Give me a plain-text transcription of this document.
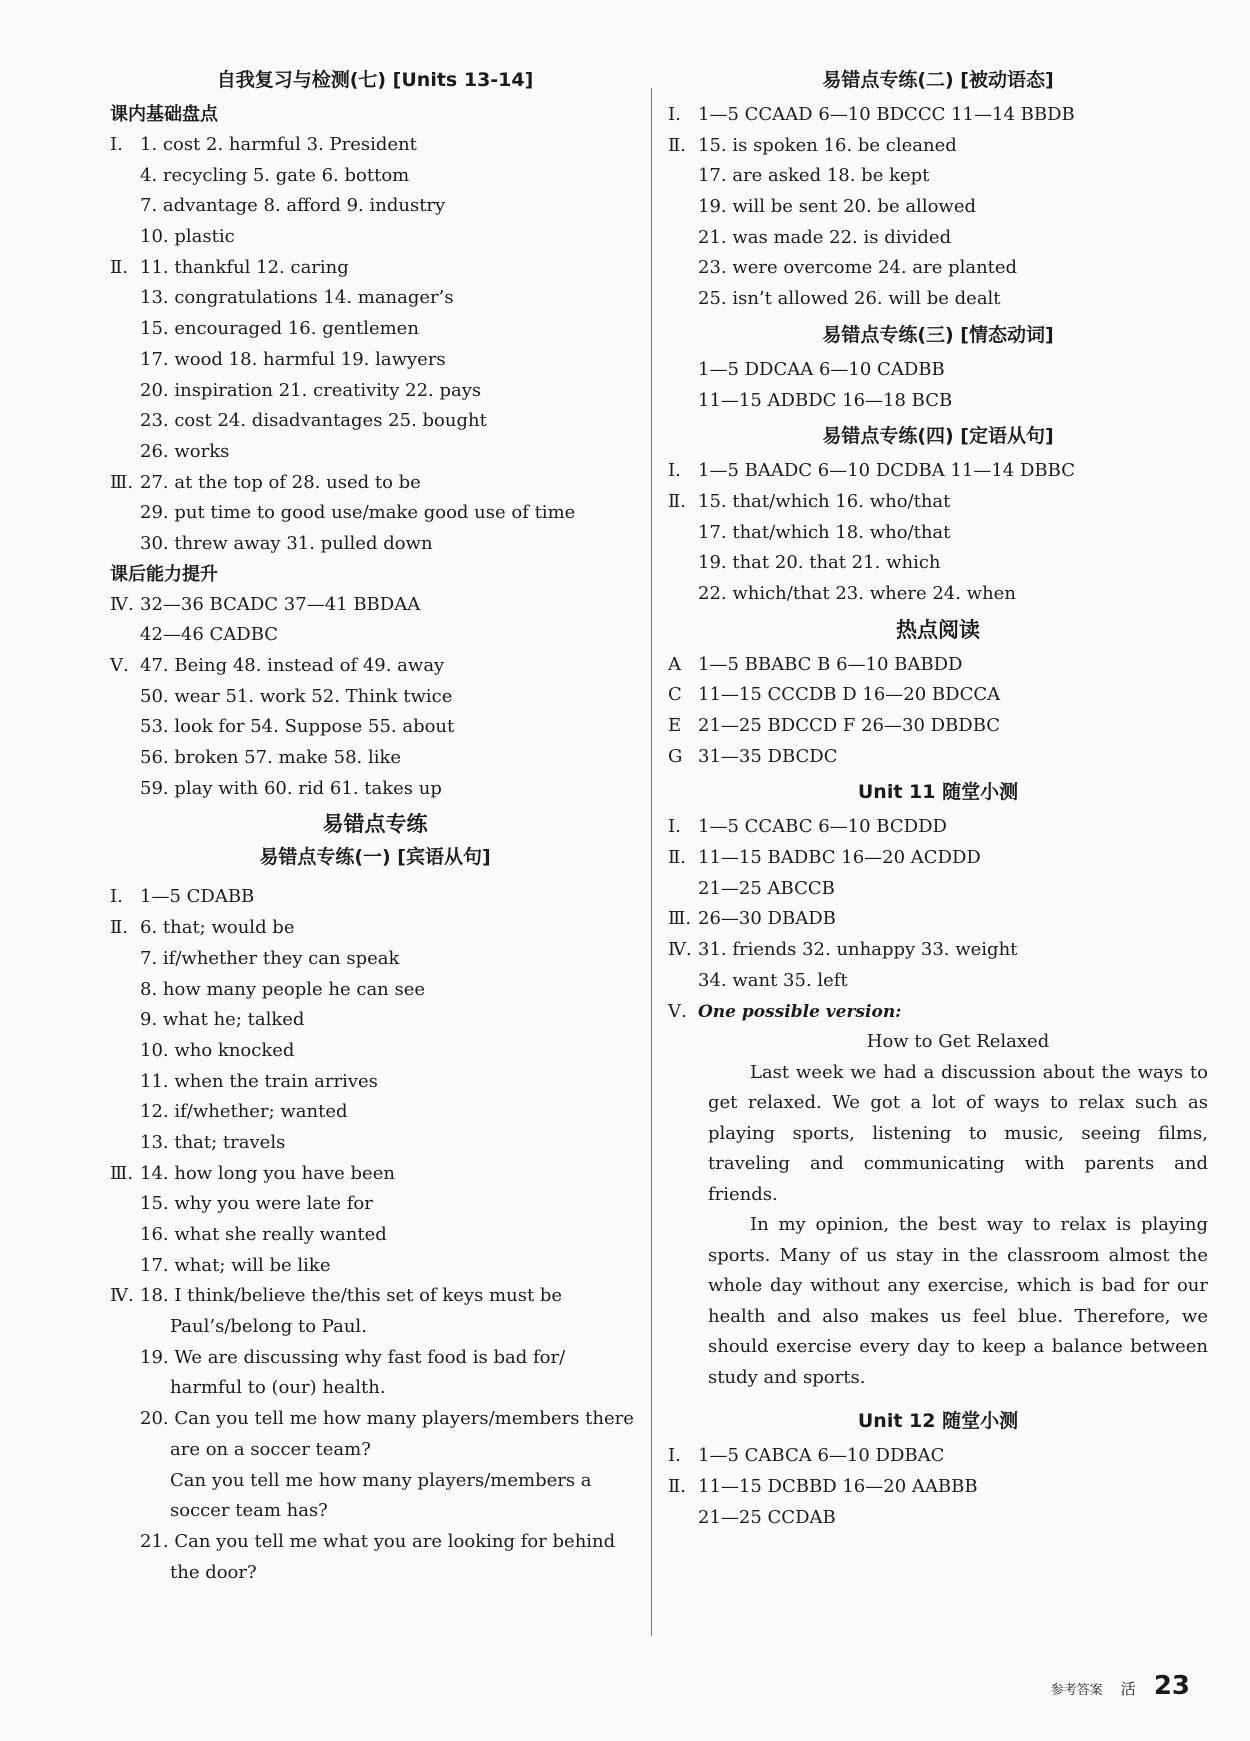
自我复习与检测(七) [Units 13-14]
课内基础盘点
Ⅰ. 1. cost 2. harmful 3. President
4. recycling 5. gate 6. bottom
7. advantage 8. afford 9. industry
10. plastic
Ⅱ. 11. thankful 12. caring
13. congratulations 14. manager’s
15. encouraged 16. gentlemen
17. wood 18. harmful 19. lawyers
20. inspiration 21. creativity 22. pays
23. cost 24. disadvantages 25. bought
26. works
Ⅲ. 27. at the top of 28. used to be
29. put time to good use/make good use of time
30. threw away 31. pulled down
课后能力提升
Ⅳ. 32—36 BCADC 37—41 BBDAA
42—46 CADBC
Ⅴ. 47. Being 48. instead of 49. away
50. wear 51. work 52. Think twice
53. look for 54. Suppose 55. about
56. broken 57. make 58. like
59. play with 60. rid 61. takes up
易错点专练
易错点专练(一) [宾语从句]
Ⅰ. 1—5 CDABB
Ⅱ. 6. that; would be
7. if/whether they can speak
8. how many people he can see
9. what he; talked
10. who knocked
11. when the train arrives
12. if/whether; wanted
13. that; travels
Ⅲ. 14. how long you have been
15. why you were late for
16. what she really wanted
17. what; will be like
Ⅳ. 18. I think/believe the/this set of keys must be
Paul’s/belong to Paul.
19. We are discussing why fast food is bad for/
harmful to (our) health.
20. Can you tell me how many players/members there
are on a soccer team?
Can you tell me how many players/members a
soccer team has?
21. Can you tell me what you are looking for behind
the door?
易错点专练(二) [被动语态]
Ⅰ. 1—5 CCAAD 6—10 BDCCC 11—14 BBDB
Ⅱ. 15. is spoken 16. be cleaned
17. are asked 18. be kept
19. will be sent 20. be allowed
21. was made 22. is divided
23. were overcome 24. are planted
25. isn’t allowed 26. will be dealt
易错点专练(三) [情态动词]
1—5 DDCAA 6—10 CADBB
11—15 ADBDC 16—18 BCB
易错点专练(四) [定语从句]
Ⅰ. 1—5 BAADC 6—10 DCDBA 11—14 DBBC
Ⅱ. 15. that/which 16. who/that
17. that/which 18. who/that
19. that 20. that 21. which
22. which/that 23. where 24. when
热点阅读
A 1—5 BBABC B 6—10 BABDD
C 11—15 CCCDB D 16—20 BDCCA
E 21—25 BDCCD F 26—30 DBDBC
G 31—35 DBCDC
Unit 11 随堂小测
Ⅰ. 1—5 CCABC 6—10 BCDDD
Ⅱ. 11—15 BADBC 16—20 ACDDD
21—25 ABCCB
Ⅲ. 26—30 DBADB
Ⅳ. 31. friends 32. unhappy 33. weight
34. want 35. left
Ⅴ. One possible version:

How to Get Relaxed

Last week we had a discussion about the ways to get relaxed. We got a lot of ways to relax such as playing sports, listening to music, seeing films, traveling and communicating with parents and friends.

In my opinion, the best way to relax is playing sports. Many of us stay in the classroom almost the whole day without any exercise, which is bad for our health and also makes us feel blue. Therefore, we should exercise every day to keep a balance between study and sports.

Unit 12 随堂小测
Ⅰ. 1—5 CABCA 6—10 DDBAC
Ⅱ. 11—15 DCBBD 16—20 AABBB
21—25 CCDAB
参考答案 活 23
